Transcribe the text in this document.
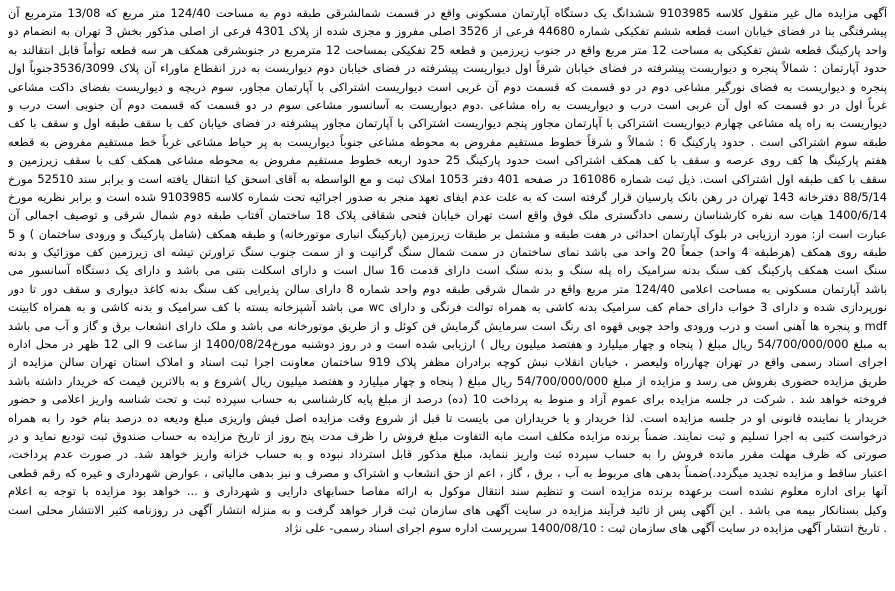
آگهی مزایده مال غیر منقول کلاسه 9103985 ششدانگ یک دستگاه آپارتمان مسکونی واقع در قسمت شمالشرقی طبقه دوم به مساحت 124/40 متر مربع که 13/08 مترمربع آن
پیشرفتگی بنا در فضای خیابان است قطعه ششم تفکیکی شماره 44680 فرعی از 3526 اصلی مفروز و مجزی شده از پلاک 4301 فرعی از اصلی مذکور بخش 3 تهران به انضمام دو
واحد پارکینگ قطعه شش تفکیکی به مساحت 12 متر مربع واقع در جنوب زیرزمین و قطعه 25 تفکیکی بمساحت 12 مترمربع در جنوبشرقی همکف هر سه قطعه توأماً قابل انتقالند به
حدود آپارتمان : شمالاً پنجره و دیواریست پیشرفته در فضای خیابان شرقاً اول دیواریست پیشرفته در فضای خیابان دوم دیواریست به درز انقطاع ماوراء آن پلاک 3536/3099جنوباً اول
پنجره و دیواریست به فضای نورگیر مشاعی دوم در دو قسمت که قسمت دوم آن غربی است دیواریست اشتراکی با آپارتمان مجاور، سوم دریچه و دیواریست بفضای داکت مشاعی
غرباً اول در دو قسمت که اول آن غربی است درب و دیواریست به راه مشاعی .دوم دیواریست به آسانسور مشاعی سوم در دو قسمت که قسمت دوم آن جنوبی است درب و
دیواریست به راه پله مشاعی چهارم دیواریست اشتراکی با آپارتمان مجاور پنجم دیواریست اشتراکی با آپارتمان مجاور پیشرفته در فضای خیابان کف با سقف طبقه اول و سقف با کف
طبقه سوم اشتراکی است . حدود پارکینگ 6 : شمالاً و شرقاً خطوط مستقیم مفروض به محوطه مشاعی جنوباً دیواریست به پر حیاط مشاعی غرباً خط مستقیم مفروض به قطعه
هفتم پارکینگ ها کف روی عرصه و سقف با کف همکف اشتراکی است حدود پارکینگ 25 حدود اربعه خطوط مستقیم مفروض به محوطه مشاعی همکف کف با سقف زیرزمین و
سقف با کف طبقه اول اشتراکی است. ذیل ثبت شماره 161086 در صفحه 401 دفتر 1053 املاک ثبت و مع الواسطه به آقای اسحق کیا انتقال یافته است و برابر سند 52510 مورخ
88/5/14 دفترخانه 143 تهران در رهن بانک پارسیان قرار گرفته است که به علت عدم ایفای تعهد منجر به صدور اجرائیه تحت شماره کلاسه 9103985 شده است و برابر نظریه مورخ
1400/6/14 هیات سه نفره کارشناسان رسمی دادگستری ملک فوق واقع است تهران خیابان فتحی شقاقی پلاک 18 ساختمان آفتاب طبقه دوم شمال شرقی و توصیف اجمالی آن
عبارت است از: مورد ارزیابی در بلوک آپارتمان احداثی در هفت طبقه و مشتمل بر طبقات زیرزمین (پارکینگ انباری موتورخانه) و طبقه همکف (شامل پارکینگ و ورودی ساختمان ) و 5
طبقه روی همکف (هرطبقه 4 واحد) جمعاً 20 واحد می باشد نمای ساختمان در سمت شمال سنگ گرانیت و از سمت جنوب سنگ تراورتن تیشه ای زیرزمین کف موزائیک و بدنه
سنگ است همکف پارکینگ کف سنگ بدنه سرامیک راه پله سنگ و بدنه سنگ است دارای قدمت 16 سال است و دارای اسکلت بتنی می باشد و دارای یک دستگاه آسانسور می
باشد آپارتمان مسکونی به مساحت اعلامی 124/40 متر مربع واقع در شمال شرقی طبقه دوم واحد شماره 8 دارای سالن پذیرایی کف سنگ بدنه کاغذ دیواری و سقف دور تا دور
نورپردازی شده و دارای 3 خواب دارای حمام کف سرامیک بدنه کاشی به همراه توالت فرنگی و دارای wc می باشد آشپزخانه بسته با کف سرامیک و بدنه کاشی و به همراه کابینت
mdf و پنجره ها آهنی است و درب ورودی واحد چوبی قهوه ای رنگ است سرمایش گرمایش فن کوئل و از طریق موتورخانه می باشد و ملک دارای انشعاب برق و گاز و آب می باشد
به مبلغ 54/700/000/000 ریال مبلغ ( پنجاه و چهار میلیارد و هفتصد میلیون ریال ) ارزیابی شده است و در روز دوشنبه مورخ1400/08/24 از ساعت 9 الی 12 ظهر در محل اداره
اجرای اسناد رسمی واقع در تهران چهارراه ولیعصر ، خیابان انقلاب نبش کوچه برادران مظفر پلاک 919 ساختمان معاونت اجرا ثبت اسناد و املاک استان تهران سالن مزایده از
طریق مزایده حضوری بفروش می رسد و مزایده از مبلغ 54/700/000/000 ریال مبلغ ( پنجاه و چهار میلیارد و هفتصد میلیون ریال )شروع و به بالاترین قیمت که خریدار داشته باشد
فروخته خواهد شد . شرکت در جلسه مزایده برای عموم آزاد و منوط به پرداخت 10 (ده) درصد از مبلغ پایه کارشناسی به حساب سپرده ثبت و تحت شناسه واریز اعلامی و حضور
خریدار یا نماینده قانونی او در جلسه مزایده است. لذا خریدار و یا خریداران می بایست تا قبل از شروع وقت مزایده اصل فیش واریزی مبلغ ودیعه ده درصد بنام خود را به همراه
درخواست کتبی به اجرا تسلیم و ثبت نمایند. ضمناً برنده مزایده مکلف است مابه التفاوت مبلغ فروش را ظرف مدت پنج روز از تاریخ مزایده به حساب صندوق ثبت تودیع نماید و در
صورتی که ظرف مهلت مقرر مانده فروش را به حساب سپرده ثبت واریز ننماید، مبلغ مذکور قابل استرداد نبوده و به حساب خزانه واریز خواهد شد. در صورت عدم پرداخت،
اعتبار ساقط و مزایده تجدید میگردد.)ضمناً بدهی های مربوط به آب ، برق ، گاز ، اعم از حق انشعاب و اشتراک و مصرف و نیز بدهی مالیاتی ، عوارض شهرداری و غیره که رقم قطعی
آنها برای اداره معلوم نشده است برعهده برنده مزایده است و تنظیم سند انتقال موکول به ارائه مفاصا حسابهای دارایی و شهرداری و ... خواهد بود مزایده با توجه به اعلام
وکیل بستانکار بیمه می باشد . این آگهی پس از تائید فرآیند مزایده در سایت آگهی های سازمان ثبت قرار خواهد گرفت و به منزله انتشار آگهی در روزنامه کثیر الانتشار محلی است
. تاریخ انتشار آگهی مزایده در سایت آگهی های سازمان ثبت : 1400/08/10 سرپرست اداره سوم اجرای اسناد رسمی- علی نژاد
